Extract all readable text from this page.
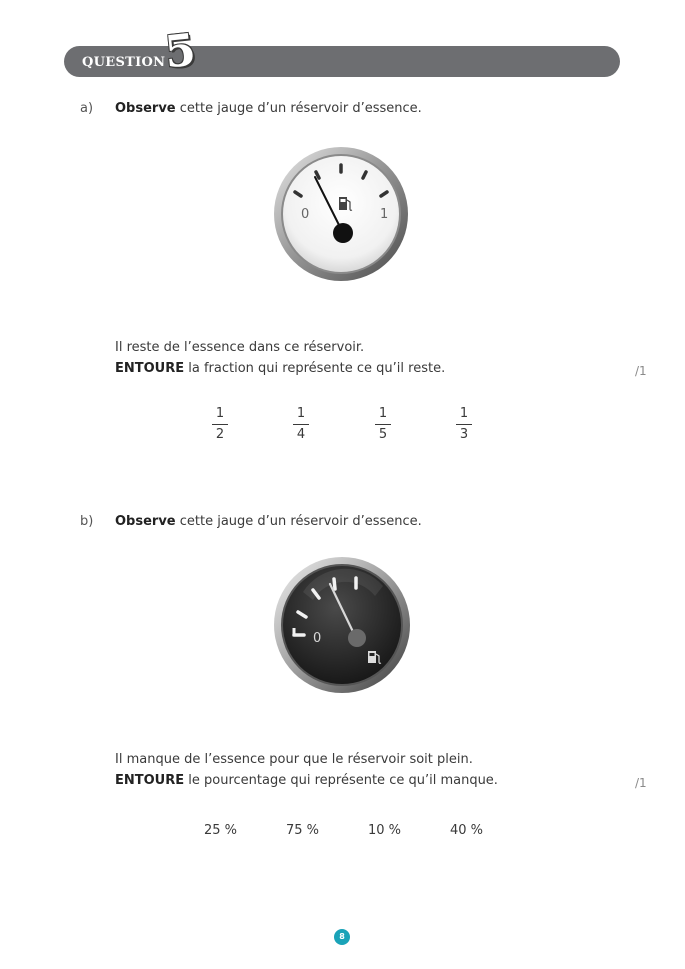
QUESTION
5
a) Observe cette jauge d’un réservoir d’essence.
0	1
Il reste de l’essence dans ce réservoir.
ENTOURE la fraction qui représente ce qu’il reste.	/1
1
2
1
4
1
5
1
3
b) Observe cette jauge d’un réservoir d’essence.
0
Il manque de l’essence pour que le réservoir soit plein.
ENTOURE le pourcentage qui représente ce qu’il manque.	/1
25 %	75 %	10 %	40 %
8
